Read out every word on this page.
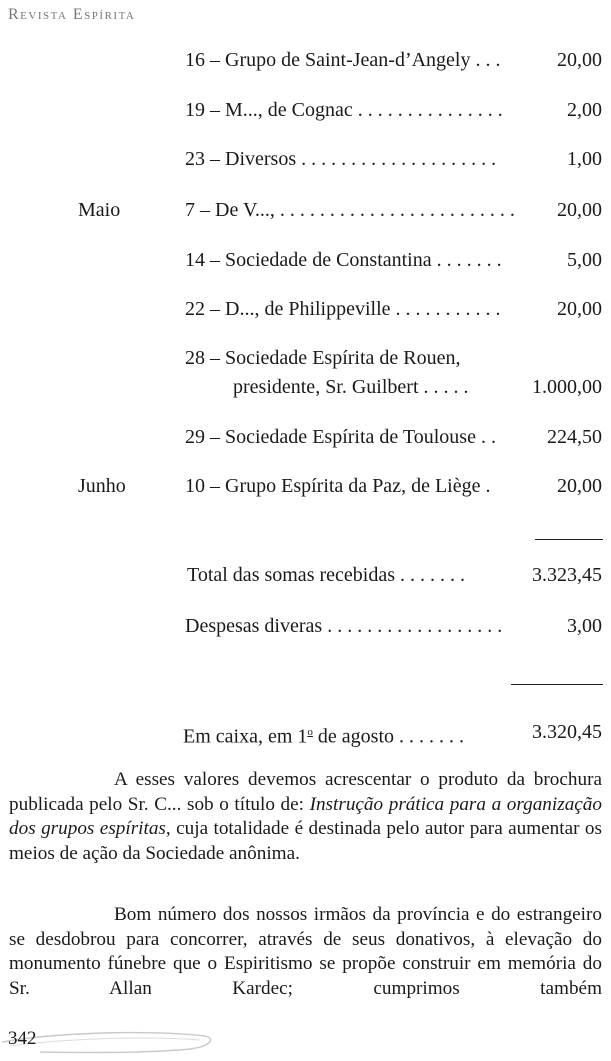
Revista Espírita
16 – Grupo de Saint-Jean-d’Angely . . .	20,00
19 – M..., de Cognac . . . . . . . . . . . . . . .	2,00
23 – Diversos . . . . . . . . . . . . . . . . . . . .	1,00
Maio	7 – De V..., . . . . . . . . . . . . . . . . . . . . . . . . 20,00
14 – Sociedade de Constantina . . . . . . .	5,00
22 – D..., de Philippeville . . . . . . . . . . .	20,00
28 – Sociedade Espírita de Rouen,
presidente, Sr. Guilbert . . . . .	1.000,00
29 – Sociedade Espírita de Toulouse . .	224,50
Junho	10 – Grupo Espírita da Paz, de Liège .	20,00
Total das somas recebidas . . . . . . .	3.323,45
Despesas diveras . . . . . . . . . . . . . . . . . .	3,00
Em caixa, em 1$^o$ de agosto . . . . . . .	3.320,45

A esses valores devemos acrescentar o produto da brochura publicada pelo Sr. C... sob o título de: Instrução prática para a organização dos grupos espíritas, cuja totalidade é destinada pelo autor para aumentar os meios de ação da Sociedade anônima.

Bom número dos nossos irmãos da província e do estrangeiro se desdobrou para concorrer, através de seus donativos, à elevação do monumento fúnebre que o Espiritismo se propõe construir em memória do Sr. Allan Kardec; cumprimos também

342
